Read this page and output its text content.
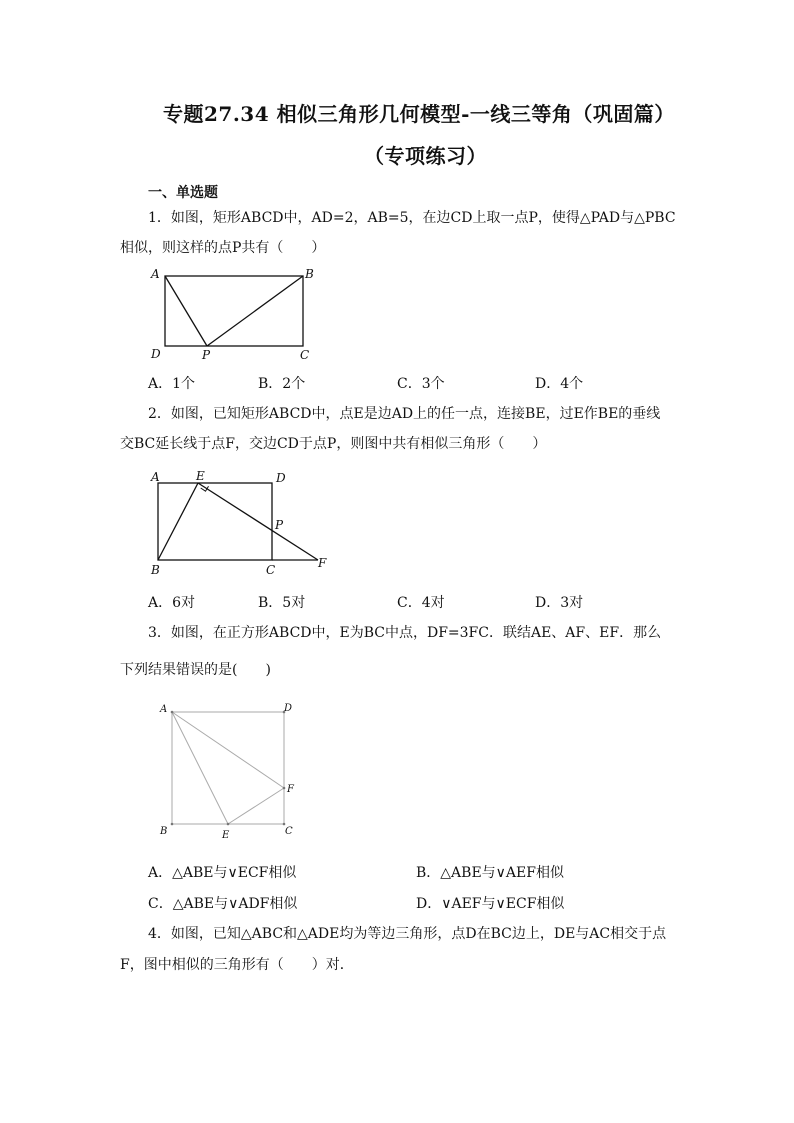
专题27.34 相似三角形几何模型-一线三等角（巩固篇）
（专项练习）
一、单选题
1．如图，矩形ABCD中，AD=2，AB=5，在边CD上取一点P，使得△PAD与△PBC
相似，则这样的点P共有（　　）
A	B
D	P	C
A．1个	B．2个	C．3个	D．4个
2．如图，已知矩形ABCD中，点E是边AD上的任一点，连接BE，过E作BE的垂线
交BC延长线于点F，交边CD于点P，则图中共有相似三角形（　　）
A	E	D
P
B	C	F
A．6对	B．5对	C．4对	D．3对
3．如图，在正方形ABCD中，E为BC中点，DF=3FC．联结AE、AF、EF．那么
下列结果错误的是(　　)
A	D
F
B	E	C
A．△ABE与∨ECF相似	B．△ABE与∨AEF相似
C．△ABE与∨ADF相似	D．∨AEF与∨ECF相似
4．如图，已知△ABC和△ADE均为等边三角形，点D在BC边上，DE与AC相交于点
F，图中相似的三角形有（　　）对．
